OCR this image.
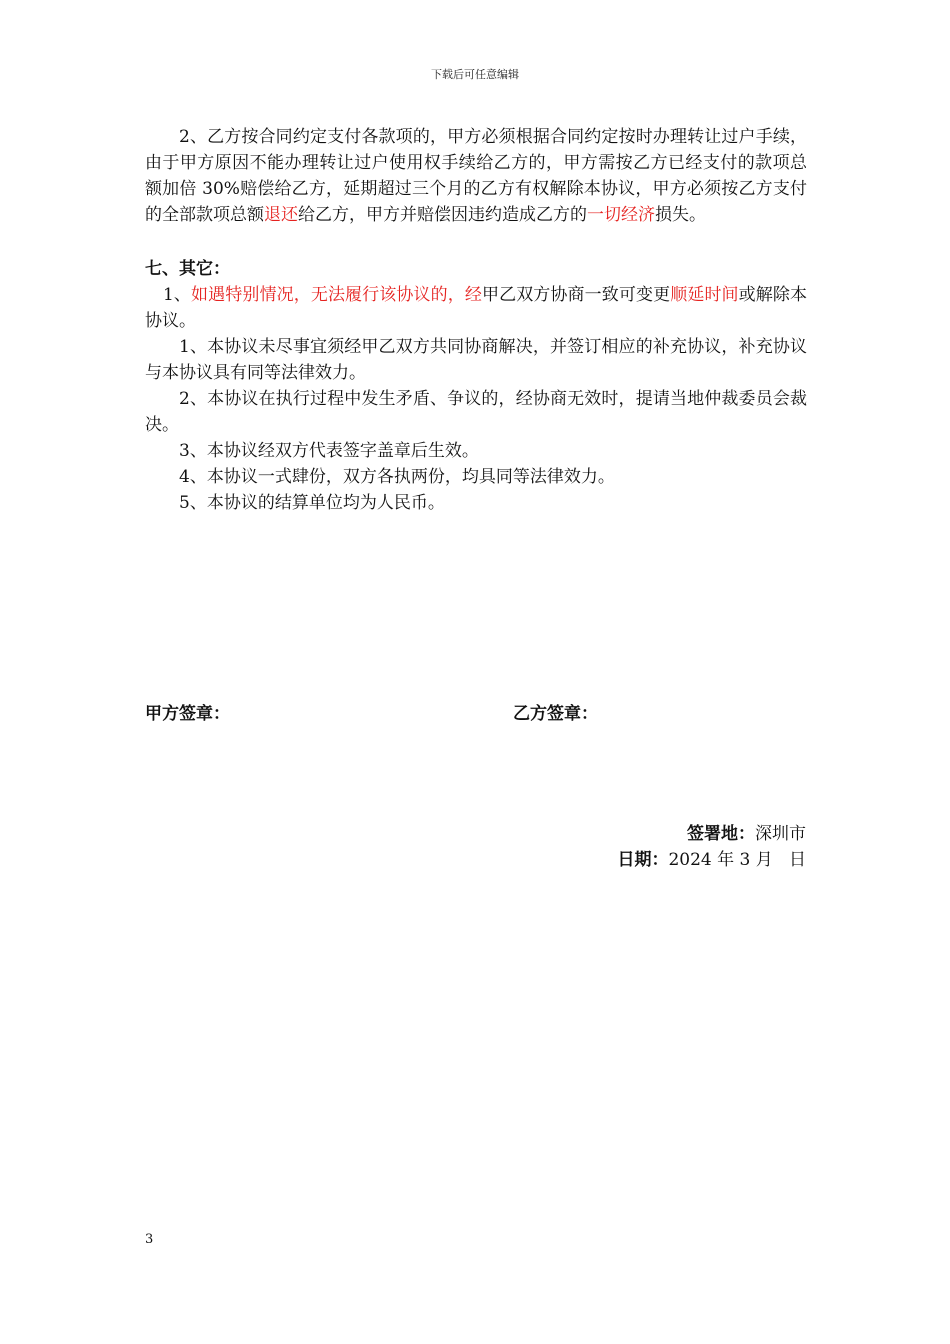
下载后可任意编辑

2、乙方按合同约定支付各款项的，甲方必须根据合同约定按时办理转让过户手续，由于甲方原因不能办理转让过户使用权手续给乙方的，甲方需按乙方已经支付的款项总额加倍 30%赔偿给乙方，延期超过三个月的乙方有权解除本协议，甲方必须按乙方支付的全部款项总额退还给乙方，甲方并赔偿因违约造成乙方的一切经济损失。

七、其它：

1、如遇特别情况，无法履行该协议的，经甲乙双方协商一致可变更顺延时间或解除本协议。

1、本协议未尽事宜须经甲乙双方共同协商解决，并签订相应的补充协议，补充协议与本协议具有同等法律效力。

2、本协议在执行过程中发生矛盾、争议的，经协商无效时，提请当地仲裁委员会裁决。

3、本协议经双方代表签字盖章后生效。

4、本协议一式肆份，双方各执两份，均具同等法律效力。

5、本协议的结算单位均为人民币。

甲方签章：	乙方签章：
签署地：深圳市
日期：2024 年 3 月   日
3
